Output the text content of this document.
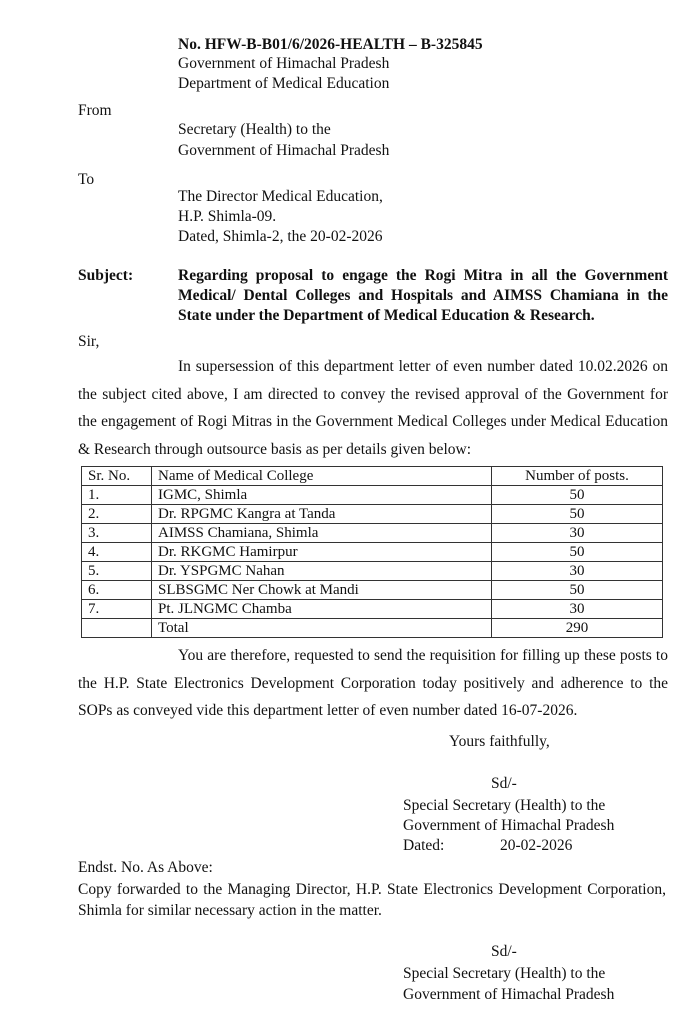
No. HFW-B-B01/6/2026-HEALTH – B-325845
Government of Himachal Pradesh
Department of Medical Education
From
Secretary (Health) to the
Government of Himachal Pradesh
To
The Director Medical Education,
H.P. Shimla-09.
Dated, Shimla-2, the 20-02-2026
Subject:	Regarding proposal to engage the Rogi Mitra in all the Government
Medical/ Dental Colleges and Hospitals and AIMSS Chamiana in the
State under the Department of Medical Education & Research.
Sir,
In supersession of this department letter of even number dated 10.02.2026 on the subject cited above, I am directed to convey the revised approval of the Government for the engagement of Rogi Mitras in the Government Medical Colleges under Medical Education & Research through outsource basis as per details given below:
Sr. No.	Name of Medical College	Number of posts.
1.	IGMC, Shimla	50
2.	Dr. RPGMC Kangra at Tanda	50
3.	AIMSS Chamiana, Shimla	30
4.	Dr. RKGMC Hamirpur	50
5.	Dr. YSPGMC Nahan	30
6.	SLBSGMC Ner Chowk at Mandi	50
7.	Pt. JLNGMC Chamba	30
	Total	290
You are therefore, requested to send the requisition for filling up these posts to the H.P. State Electronics Development Corporation today positively and adherence to the SOPs as conveyed vide this department letter of even number dated 16-07-2026.
Yours faithfully,
Sd/-
Special Secretary (Health) to the
Government of Himachal Pradesh
Dated:	20-02-2026
Endst. No. As Above:
Copy forwarded to the Managing Director, H.P. State Electronics Development Corporation, Shimla for similar necessary action in the matter.
Sd/-
Special Secretary (Health) to the
Government of Himachal Pradesh
